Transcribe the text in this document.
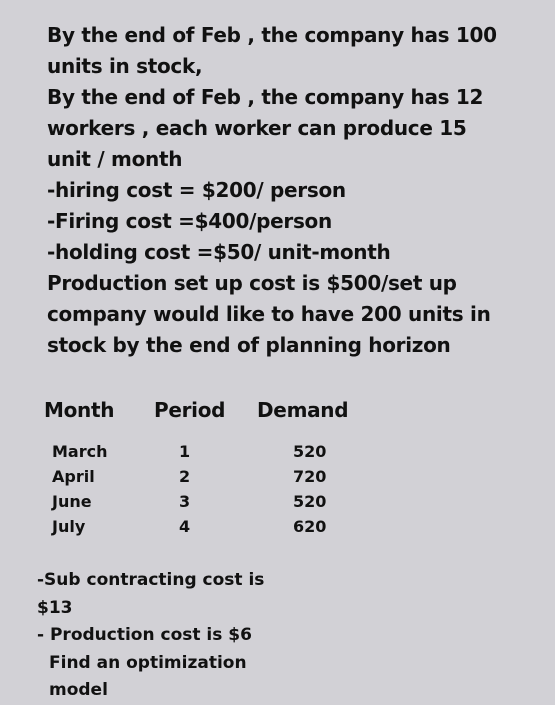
By the end of Feb , the company has 100
units in stock,
By the end of Feb , the company has 12
workers , each worker can produce 15
unit / month
-hiring cost = $200/ person
-Firing cost =$400/person
-holding cost =$50/ unit-month
Production set up cost is $500/set up
company would like to have 200 units in
stock by the end of planning horizon
Month Period Demand
March	1	520
April	2	720
June	3	520
July	4	620
-Sub contracting cost is
$13
- Production cost is $6
Find an optimization
model
